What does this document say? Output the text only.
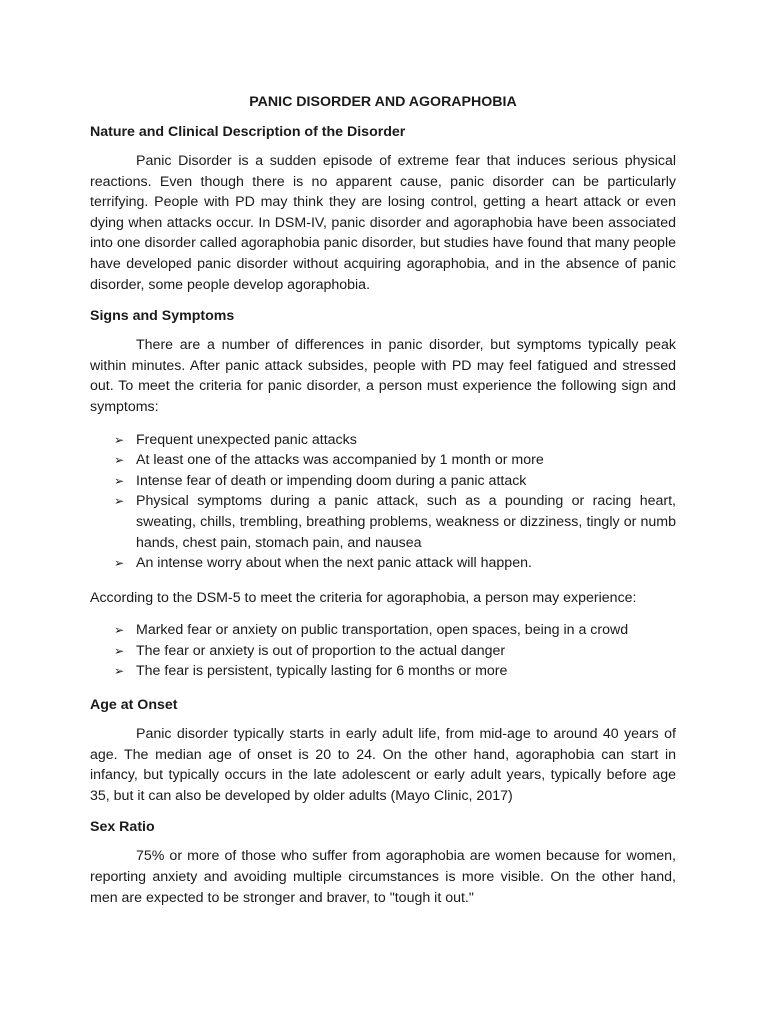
PANIC DISORDER AND AGORAPHOBIA
Nature and Clinical Description of the Disorder

Panic Disorder is a sudden episode of extreme fear that induces serious physical reactions. Even though there is no apparent cause, panic disorder can be particularly terrifying. People with PD may think they are losing control, getting a heart attack or even dying when attacks occur. In DSM-IV, panic disorder and agoraphobia have been associated into one disorder called agoraphobia panic disorder, but studies have found that many people have developed panic disorder without acquiring agoraphobia, and in the absence of panic disorder, some people develop agoraphobia.

Signs and Symptoms

There are a number of differences in panic disorder, but symptoms typically peak within minutes. After panic attack subsides, people with PD may feel fatigued and stressed out. To meet the criteria for panic disorder, a person must experience the following sign and symptoms:

➢ Frequent unexpected panic attacks
➢ At least one of the attacks was accompanied by 1 month or more
➢ Intense fear of death or impending doom during a panic attack
➢ Physical symptoms during a panic attack, such as a pounding or racing heart, sweating, chills, trembling, breathing problems, weakness or dizziness, tingly or numb hands, chest pain, stomach pain, and nausea
➢ An intense worry about when the next panic attack will happen.

According to the DSM-5 to meet the criteria for agoraphobia, a person may experience:

➢ Marked fear or anxiety on public transportation, open spaces, being in a crowd
➢ The fear or anxiety is out of proportion to the actual danger
➢ The fear is persistent, typically lasting for 6 months or more
Age at Onset

Panic disorder typically starts in early adult life, from mid-age to around 40 years of age. The median age of onset is 20 to 24. On the other hand, agoraphobia can start in infancy, but typically occurs in the late adolescent or early adult years, typically before age 35, but it can also be developed by older adults (Mayo Clinic, 2017)

Sex Ratio

75% or more of those who suffer from agoraphobia are women because for women, reporting anxiety and avoiding multiple circumstances is more visible. On the other hand, men are expected to be stronger and braver, to "tough it out."
